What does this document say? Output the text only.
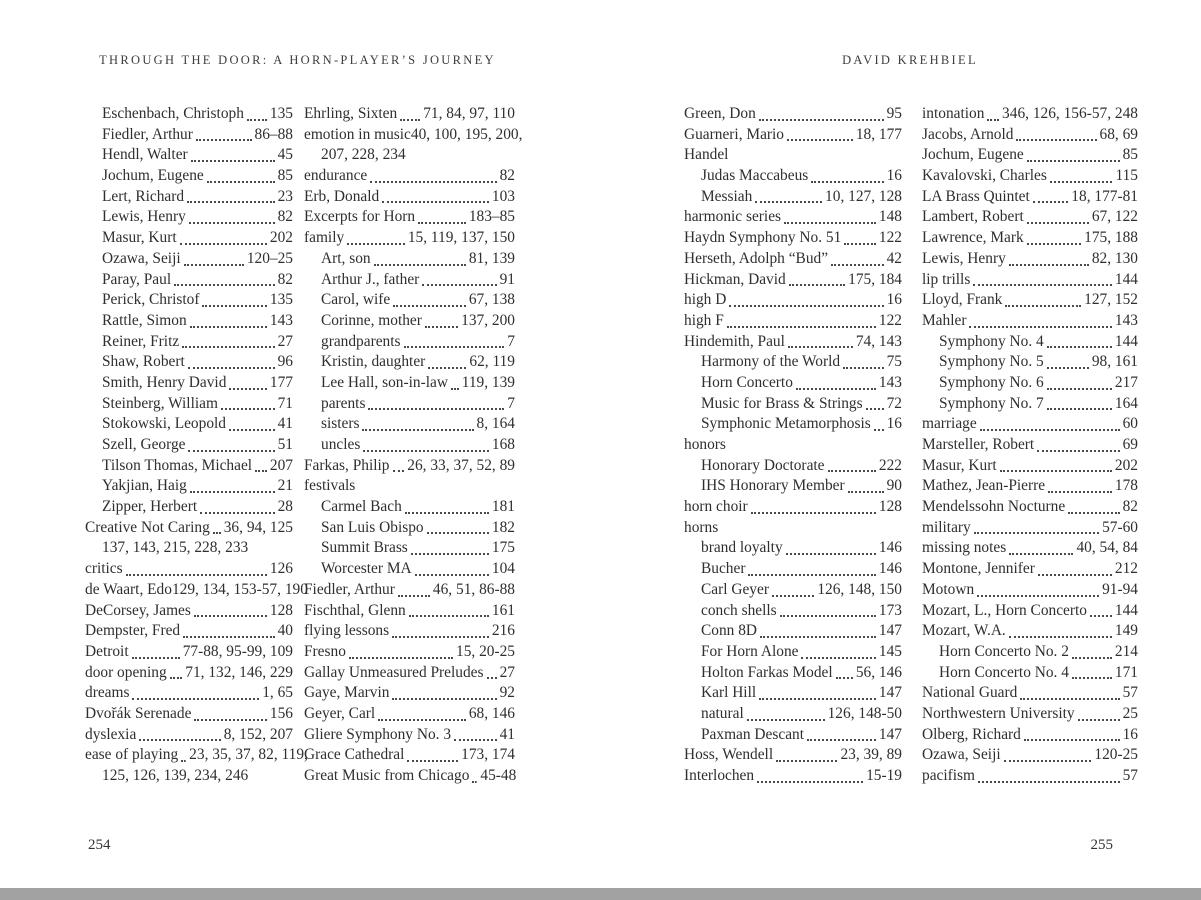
THROUGH THE DOOR: A HORN-PLAYER’S JOURNEY	DAVID KREHBIEL
Eschenbach, Christoph 135
Fiedler, Arthur	86–88
Hendl, Walter	45
Jochum, Eugene	85
Lert, Richard	23
Lewis, Henry	82
Masur, Kurt	202
Ozawa, Seiji	120–25
Paray, Paul	82
Perick, Christof	135
Rattle, Simon	143
Reiner, Fritz	27
Shaw, Robert	96
Smith, Henry David	177
Steinberg, William	71
Stokowski, Leopold	41
Szell, George	51
Tilson Thomas, Michael 207
Yakjian, Haig	21
Zipper, Herbert	28
Creative Not Caring 36, 94, 125
137, 143, 215, 228, 233
critics	126
de Waart, Edo 129, 134, 153-57, 190
DeCorsey, James	128
Dempster, Fred	40
Detroit	77-88, 95-99, 109
door opening 71, 132, 146, 229
dreams	1, 65
Dvořák Serenade	156
dyslexia	8, 152, 207
ease of playing 23, 35, 37, 82, 119,
125, 126, 139, 234, 246
Ehrling, Sixten 71, 84, 97, 110
emotion in music 40, 100, 195, 200,
207, 228, 234
endurance	82
Erb, Donald	103
Excerpts for Horn	183–85
family	15, 119, 137, 150
Art, son	81, 139
Arthur J., father	91
Carol, wife	67, 138
Corinne, mother	137, 200
grandparents	7
Kristin, daughter	62, 119
Lee Hall, son-in-law 119, 139
parents	7
sisters	8, 164
uncles	168
Farkas, Philip 26, 33, 37, 52, 89
festivals
Carmel Bach	181
San Luis Obispo	182
Summit Brass	175
Worcester MA	104
Fiedler, Arthur 46, 51, 86-88
Fischthal, Glenn	161
flying lessons	216
Fresno	15, 20-25
Gallay Unmeasured Preludes 27
Gaye, Marvin	92
Geyer, Carl	68, 146
Gliere Symphony No. 3	41
Grace Cathedral	173, 174
Great Music from Chicago 45-48
Green, Don	95
Guarneri, Mario	18, 177
Handel
Judas Maccabeus	16
Messiah	10, 127, 128
harmonic series	148
Haydn Symphony No. 51 122
Herseth, Adolph “Bud”	42
Hickman, David	175, 184
high D	16
high F	122
Hindemith, Paul	74, 143
Harmony of the World	75
Horn Concerto	143
Music for Brass & Strings 72
Symphonic Metamorphosis 16
honors
Honorary Doctorate	222
IHS Honorary Member	90
horn choir	128
horns
brand loyalty	146
Bucher	146
Carl Geyer	126, 148, 150
conch shells	173
Conn 8D	147
For Horn Alone	145
Holton Farkas Model 56, 146
Karl Hill	147
natural	126, 148-50
Paxman Descant	147
Hoss, Wendell	23, 39, 89
Interlochen	15-19
intonation 346, 126, 156-57, 248
Jacobs, Arnold	68, 69
Jochum, Eugene	85
Kavalovski, Charles	115
LA Brass Quintet	18, 177-81
Lambert, Robert	67, 122
Lawrence, Mark	175, 188
Lewis, Henry	82, 130
lip trills	144
Lloyd, Frank	127, 152
Mahler	143
Symphony No. 4	144
Symphony No. 5	98, 161
Symphony No. 6	217
Symphony No. 7	164
marriage	60
Marsteller, Robert	69
Masur, Kurt	202
Mathez, Jean-Pierre	178
Mendelssohn Nocturne	82
military	57-60
missing notes	40, 54, 84
Montone, Jennifer	212
Motown	91-94
Mozart, L., Horn Concerto 144
Mozart, W.A.	149
Horn Concerto No. 2	214
Horn Concerto No. 4	171
National Guard	57
Northwestern University	25
Olberg, Richard	16
Ozawa, Seiji	120-25
pacifism	57
254	255
